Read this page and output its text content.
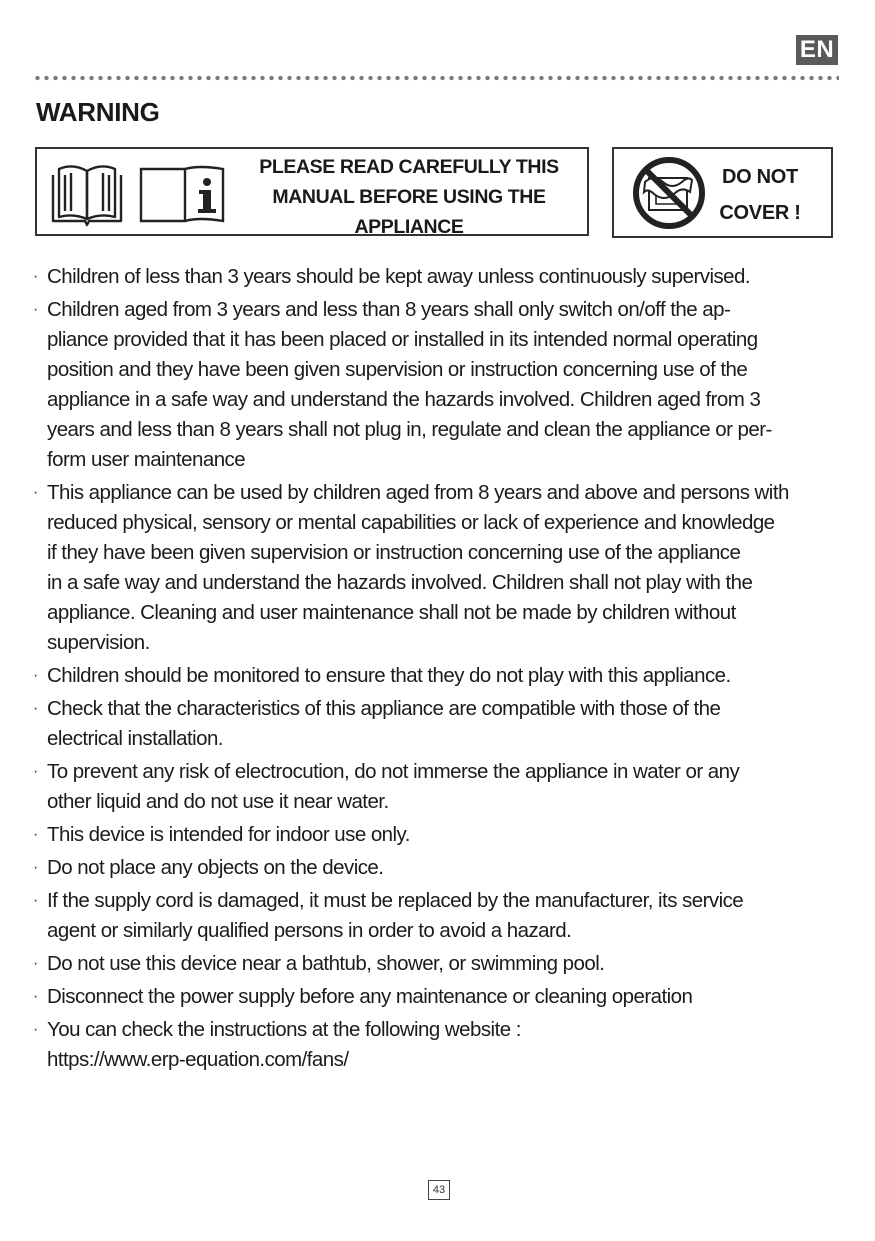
EN
WARNING
PLEASE READ CAREFULLY THIS
MANUAL BEFORE USING THE
APPLIANCE
DO NOT
COVER !
· Children of less than 3 years should be kept away unless continuously supervised.
· Children aged from 3 years and less than 8 years shall only switch on/off the ap-
pliance provided that it has been placed or installed in its intended normal operating
position and they have been given supervision or instruction concerning use of the
appliance in a safe way and understand the hazards involved. Children aged from 3
years and less than 8 years shall not plug in, regulate and clean the appliance or per-
form user maintenance
· This appliance can be used by children aged from 8 years and above and persons with
reduced physical, sensory or mental capabilities or lack of experience and knowledge
if they have been given supervision or instruction concerning use of the appliance
in a safe way and understand the hazards involved. Children shall not play with the
appliance. Cleaning and user maintenance shall not be made by children without
supervision.
· Children should be monitored to ensure that they do not play with this appliance.
· Check that the characteristics of this appliance are compatible with those of the
electrical installation.
· To prevent any risk of electrocution, do not immerse the appliance in water or any
other liquid and do not use it near water.
· This device is intended for indoor use only.
· Do not place any objects on the device.
· If the supply cord is damaged, it must be replaced by the manufacturer, its service
agent or similarly qualified persons in order to avoid a hazard.
· Do not use this device near a bathtub, shower, or swimming pool.
· Disconnect the power supply before any maintenance or cleaning operation
· You can check the instructions at the following website :
https://www.erp-equation.com/fans/
43
